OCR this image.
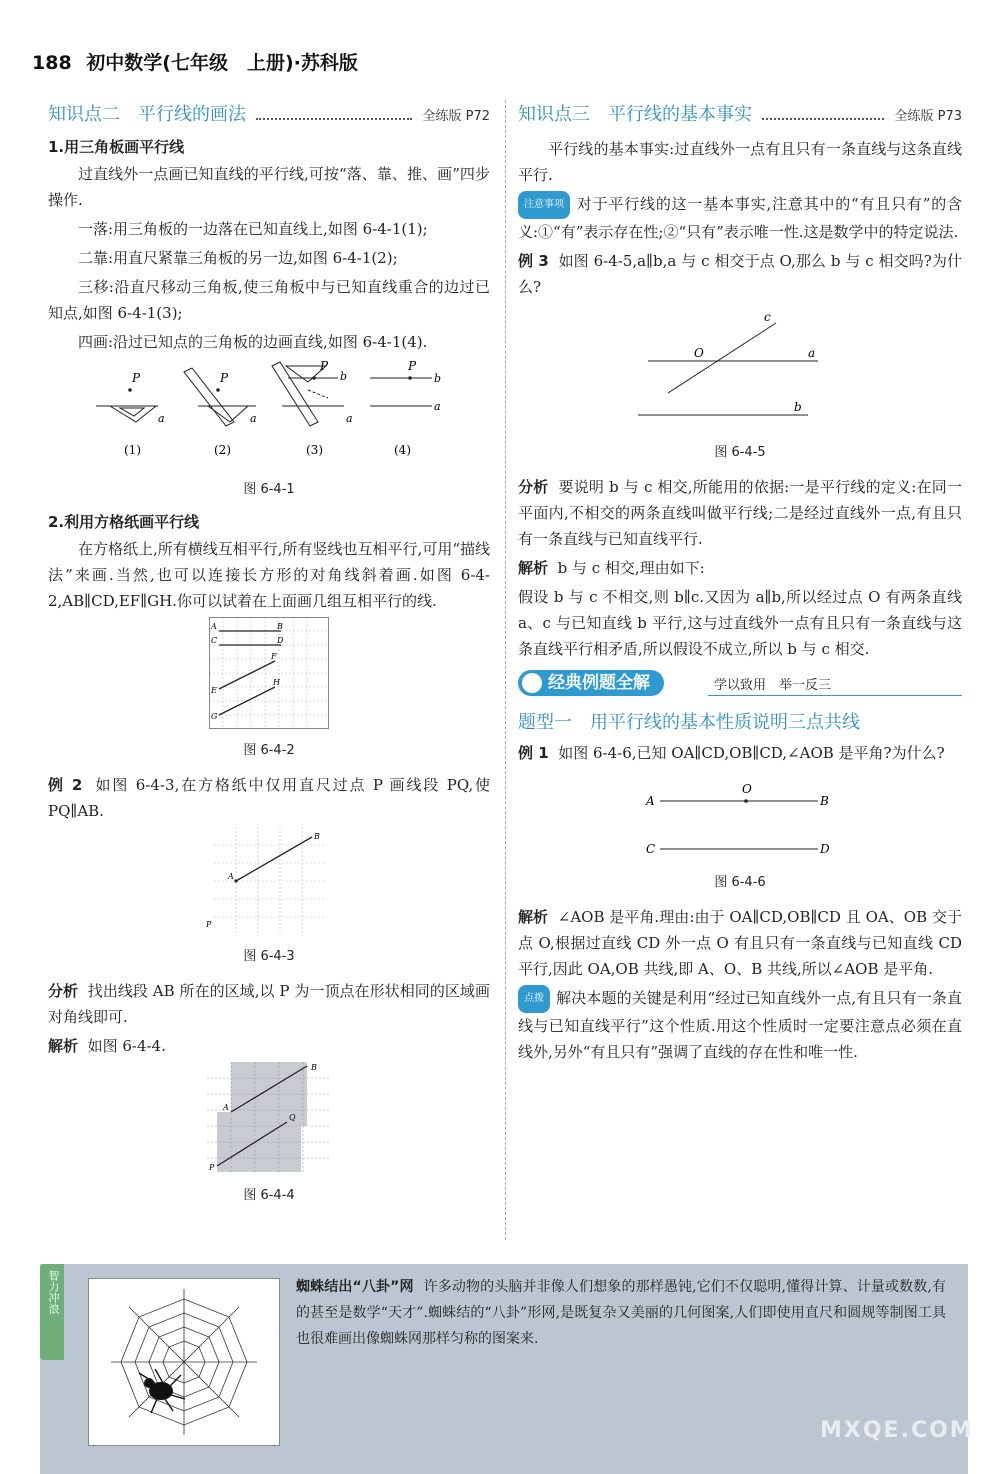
188 初中数学(七年级　上册)·苏科版
知识点二　平行线的画法	全练版 P72
1.用三角板画平行线

过直线外一点画已知直线的平行线,可按“落、靠、推、画”四步操作.

一落:用三角板的一边落在已知直线上,如图 6-4-1(1);

二靠:用直尺紧靠三角板的另一边,如图 6-4-1(2);

三移:沿直尺移动三角板,使三角板中与已知直线重合的边过已知点,如图 6-4-1(3);

四画:沿过已知点的三角板的边画直线,如图 6-4-1(4).

P
a
P
a
P
b
a
P
b
a
(1)	(2)	(3)	(4)
图 6-4-1
2.利用方格纸画平行线

在方格纸上,所有横线互相平行,所有竖线也互相平行,可用“描线法”来画.当然,也可以连接长方形的对角线斜着画.如图 6-4-2,AB∥CD,EF∥GH.你可以试着在上面画几组互相平行的线.

A	B
C	D
E
F
G
H
图 6-4-2

例 2 如图 6-4-3,在方格纸中仅用直尺过点 P 画线段 PQ,使 PQ∥AB.

A
B
P
图 6-4-3

分析 找出线段 AB 所在的区域,以 P 为一顶点在形状相同的区域画对角线即可.

解析 如图 6-4-4.

A
B
P
Q
图 6-4-4
知识点三　平行线的基本事实	全练版 P73

平行线的基本事实:过直线外一点有且只有一条直线与这条直线平行.

注意事项 对于平行线的这一基本事实,注意其中的“有且只有”的含义:①“有”表示存在性;②“只有”表示唯一性.这是数学中的特定说法.

例 3 如图 6-4-5,a∥b,a 与 c 相交于点 O,那么 b 与 c 相交吗?为什么?

O	a
b
c
图 6-4-5

分析 要说明 b 与 c 相交,所能用的依据:一是平行线的定义:在同一平面内,不相交的两条直线叫做平行线;二是经过直线外一点,有且只有一条直线与已知直线平行.

解析 b 与 c 相交,理由如下:

假设 b 与 c 不相交,则 b∥c.又因为 a∥b,所以经过点 O 有两条直线 a、c 与已知直线 b 平行,这与过直线外一点有且只有一条直线与这条直线平行相矛盾,所以假设不成立,所以 b 与 c 相交.

经典例题全解	学以致用　举一反三
题型一　用平行线的基本性质说明三点共线

例 1 如图 6-4-6,已知 OA∥CD,OB∥CD,∠AOB 是平角?为什么?

A
O
B
C	D
图 6-4-6

解析 ∠AOB 是平角.理由:由于 OA∥CD,OB∥CD 且 OA、OB 交于点 O,根据过直线 CD 外一点 O 有且只有一条直线与已知直线 CD 平行,因此 OA,OB 共线,即 A、O、B 共线,所以∠AOB 是平角.

点拨 解决本题的关键是利用“经过已知直线外一点,有且只有一条直线与已知直线平行”这个性质.用这个性质时一定要注意点必须在直线外,另外“有且只有”强调了直线的存在性和唯一性.

智力冲浪	蜘蛛结出“八卦”网 许多动物的头脑并非像人们想象的那样愚钝,它们不仅聪明,懂得计算、计量或数数,有的甚至是数学“天才”.蜘蛛结的“八卦”形网,是既复杂又美丽的几何图案,人们即使用直尺和圆规等制图工具也很难画出像蜘蛛网那样匀称的图案来.
MXQE.COM
